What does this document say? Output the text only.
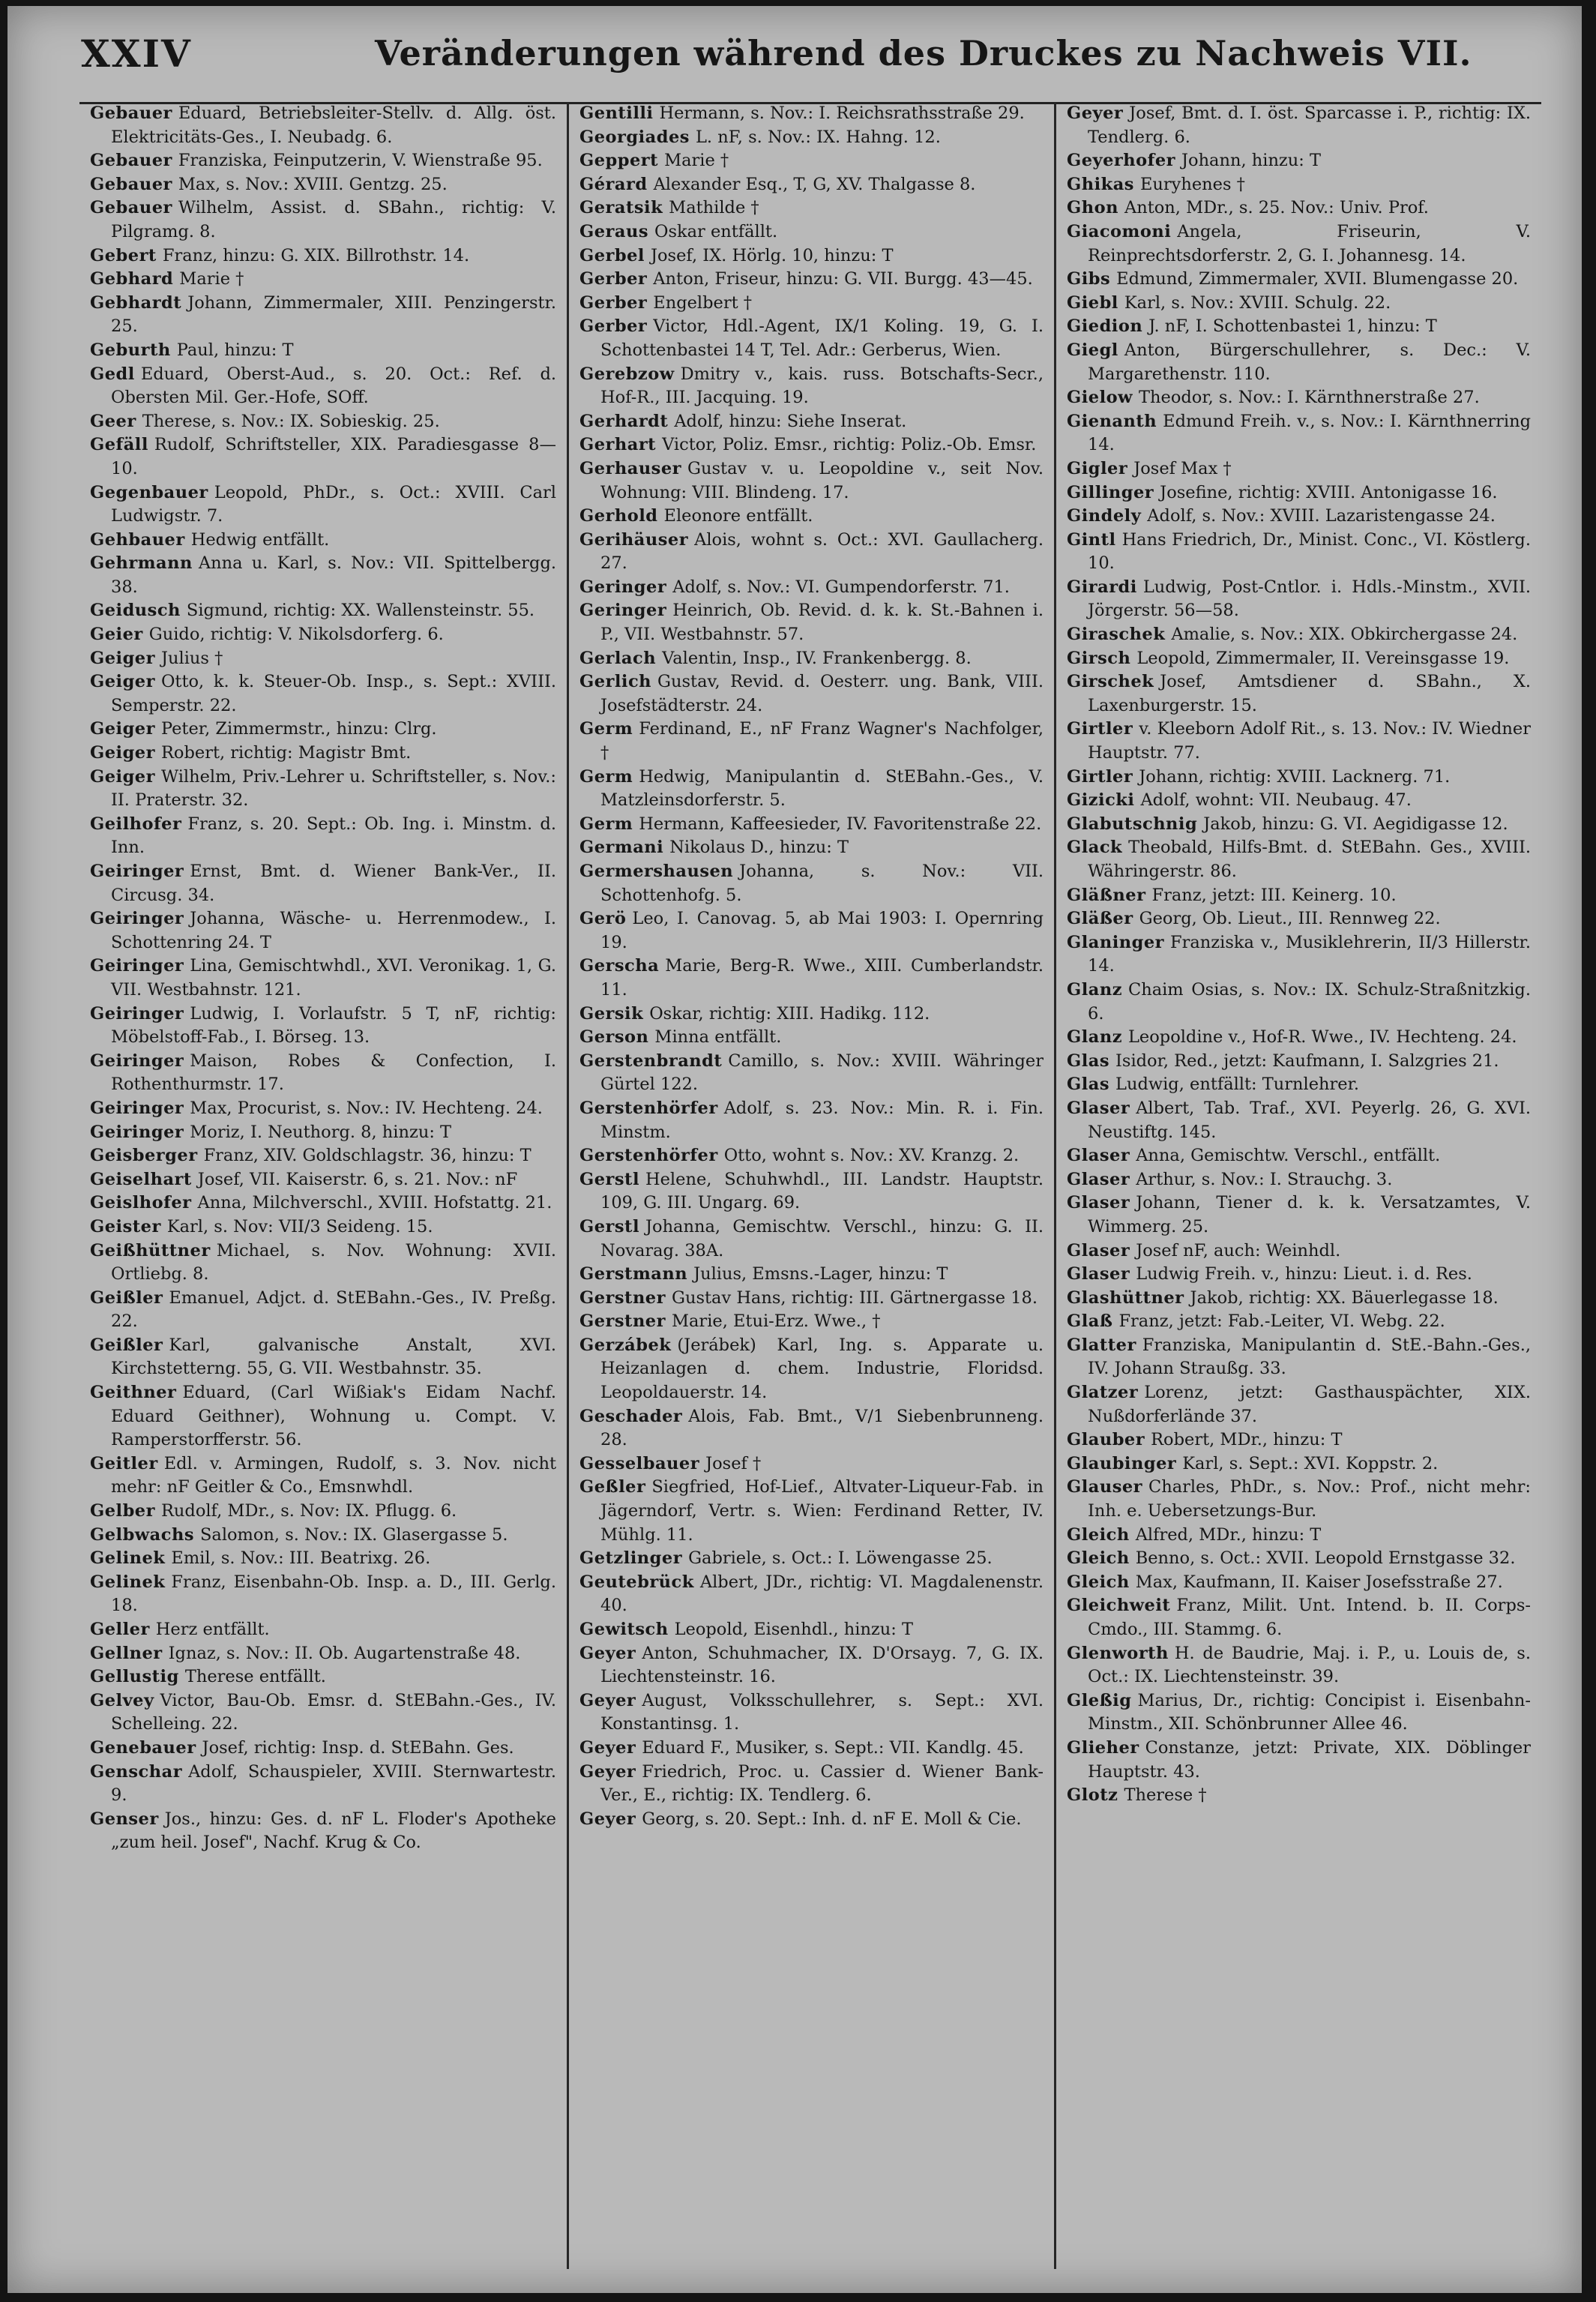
XXIV	Veränderungen während des Druckes zu Nachweis VII.

Gebauer Eduard, Betriebsleiter-Stellv. d. Allg. öst. Elektricitäts-Ges., I. Neubadg. 6.

Gebauer Franziska, Feinputzerin, V. Wienstraße 95.

Gebauer Max, s. Nov.: XVIII. Gentzg. 25.

Gebauer Wilhelm, Assist. d. SBahn., richtig: V. Pilgramg. 8.

Gebert Franz, hinzu: G. XIX. Billrothstr. 14.

Gebhard Marie †

Gebhardt Johann, Zimmermaler, XIII. Penzingerstr. 25.

Geburth Paul, hinzu: T

Gedl Eduard, Oberst-Aud., s. 20. Oct.: Ref. d. Obersten Mil. Ger.-Hofe, SOff.

Geer Therese, s. Nov.: IX. Sobieskig. 25.

Gefäll Rudolf, Schriftsteller, XIX. Paradiesgasse 8—10.

Gegenbauer Leopold, PhDr., s. Oct.: XVIII. Carl Ludwigstr. 7.

Gehbauer Hedwig entfällt.

Gehrmann Anna u. Karl, s. Nov.: VII. Spittelbergg. 38.

Geidusch Sigmund, richtig: XX. Wallensteinstr. 55.

Geier Guido, richtig: V. Nikolsdorferg. 6.

Geiger Julius †

Geiger Otto, k. k. Steuer-Ob. Insp., s. Sept.: XVIII. Semperstr. 22.

Geiger Peter, Zimmermstr., hinzu: Clrg.

Geiger Robert, richtig: Magistr Bmt.

Geiger Wilhelm, Priv.-Lehrer u. Schriftsteller, s. Nov.: II. Praterstr. 32.

Geilhofer Franz, s. 20. Sept.: Ob. Ing. i. Minstm. d. Inn.

Geiringer Ernst, Bmt. d. Wiener Bank-Ver., II. Circusg. 34.

Geiringer Johanna, Wäsche- u. Herrenmodew., I. Schottenring 24. T

Geiringer Lina, Gemischtwhdl., XVI. Veronikag. 1, G. VII. Westbahnstr. 121.

Geiringer Ludwig, I. Vorlaufstr. 5 T, nF, richtig: Möbelstoff-Fab., I. Börseg. 13.

Geiringer Maison, Robes & Confection, I. Rothenthurmstr. 17.

Geiringer Max, Procurist, s. Nov.: IV. Hechteng. 24.

Geiringer Moriz, I. Neuthorg. 8, hinzu: T

Geisberger Franz, XIV. Goldschlagstr. 36, hinzu: T

Geiselhart Josef, VII. Kaiserstr. 6, s. 21. Nov.: nF

Geislhofer Anna, Milchverschl., XVIII. Hofstattg. 21.

Geister Karl, s. Nov: VII/3 Seideng. 15.

Geißhüttner Michael, s. Nov. Wohnung: XVII. Ortliebg. 8.

Geißler Emanuel, Adjct. d. StEBahn.-Ges., IV. Preßg. 22.

Geißler Karl, galvanische Anstalt, XVI. Kirchstetterng. 55, G. VII. Westbahnstr. 35.

Geithner Eduard, (Carl Wißiak's Eidam Nachf. Eduard Geithner), Wohnung u. Compt. V. Ramperstorfferstr. 56.

Geitler Edl. v. Armingen, Rudolf, s. 3. Nov. nicht mehr: nF Geitler & Co., Emsnwhdl.

Gelber Rudolf, MDr., s. Nov: IX. Pflugg. 6.

Gelbwachs Salomon, s. Nov.: IX. Glasergasse 5.

Gelinek Emil, s. Nov.: III. Beatrixg. 26.

Gelinek Franz, Eisenbahn-Ob. Insp. a. D., III. Gerlg. 18.

Geller Herz entfällt.

Gellner Ignaz, s. Nov.: II. Ob. Augartenstraße 48.

Gellustig Therese entfällt.

Gelvey Victor, Bau-Ob. Emsr. d. StEBahn.-Ges., IV. Schelleing. 22.

Genebauer Josef, richtig: Insp. d. StEBahn. Ges.

Genschar Adolf, Schauspieler, XVIII. Sternwartestr. 9.

Genser Jos., hinzu: Ges. d. nF L. Floder's Apotheke „zum heil. Josef", Nachf. Krug & Co.

Gentilli Hermann, s. Nov.: I. Reichsrathsstraße 29.

Georgiades L. nF, s. Nov.: IX. Hahng. 12.

Geppert Marie †

Gérard Alexander Esq., T, G, XV. Thalgasse 8.

Geratsik Mathilde †

Geraus Oskar entfällt.

Gerbel Josef, IX. Hörlg. 10, hinzu: T

Gerber Anton, Friseur, hinzu: G. VII. Burgg. 43—45.

Gerber Engelbert †

Gerber Victor, Hdl.-Agent, IX/1 Koling. 19, G. I. Schottenbastei 14 T, Tel. Adr.: Gerberus, Wien.

Gerebzow Dmitry v., kais. russ. Botschafts-Secr., Hof-R., III. Jacquing. 19.

Gerhardt Adolf, hinzu: Siehe Inserat.

Gerhart Victor, Poliz. Emsr., richtig: Poliz.-Ob. Emsr.

Gerhauser Gustav v. u. Leopoldine v., seit Nov. Wohnung: VIII. Blindeng. 17.

Gerhold Eleonore entfällt.

Gerihäuser Alois, wohnt s. Oct.: XVI. Gaullacherg. 27.

Geringer Adolf, s. Nov.: VI. Gumpendorferstr. 71.

Geringer Heinrich, Ob. Revid. d. k. k. St.-Bahnen i. P., VII. Westbahnstr. 57.

Gerlach Valentin, Insp., IV. Frankenbergg. 8.

Gerlich Gustav, Revid. d. Oesterr. ung. Bank, VIII. Josefstädterstr. 24.

Germ Ferdinand, E., nF Franz Wagner's Nachfolger, †

Germ Hedwig, Manipulantin d. StEBahn.-Ges., V. Matzleinsdorferstr. 5.

Germ Hermann, Kaffeesieder, IV. Favoritenstraße 22.

Germani Nikolaus D., hinzu: T

Germershausen Johanna, s. Nov.: VII. Schottenhofg. 5.

Gerö Leo, I. Canovag. 5, ab Mai 1903: I. Opernring 19.

Gerscha Marie, Berg-R. Wwe., XIII. Cumberlandstr. 11.

Gersik Oskar, richtig: XIII. Hadikg. 112.

Gerson Minna entfällt.

Gerstenbrandt Camillo, s. Nov.: XVIII. Währinger Gürtel 122.

Gerstenhörfer Adolf, s. 23. Nov.: Min. R. i. Fin. Minstm.

Gerstenhörfer Otto, wohnt s. Nov.: XV. Kranzg. 2.

Gerstl Helene, Schuhwhdl., III. Landstr. Hauptstr. 109, G. III. Ungarg. 69.

Gerstl Johanna, Gemischtw. Verschl., hinzu: G. II. Novarag. 38A.

Gerstmann Julius, Emsns.-Lager, hinzu: T

Gerstner Gustav Hans, richtig: III. Gärtnergasse 18.

Gerstner Marie, Etui-Erz. Wwe., †

Gerzábek (Jerábek) Karl, Ing. s. Apparate u. Heizanlagen d. chem. Industrie, Floridsd. Leopoldauerstr. 14.

Geschader Alois, Fab. Bmt., V/1 Siebenbrunneng. 28.

Gesselbauer Josef †

Geßler Siegfried, Hof-Lief., Altvater-Liqueur-Fab. in Jägerndorf, Vertr. s. Wien: Ferdinand Retter, IV. Mühlg. 11.

Getzlinger Gabriele, s. Oct.: I. Löwengasse 25.

Geutebrück Albert, JDr., richtig: VI. Magdalenenstr. 40.

Gewitsch Leopold, Eisenhdl., hinzu: T

Geyer Anton, Schuhmacher, IX. D'Orsayg. 7, G. IX. Liechtensteinstr. 16.

Geyer August, Volksschullehrer, s. Sept.: XVI. Konstantinsg. 1.

Geyer Eduard F., Musiker, s. Sept.: VII. Kandlg. 45.

Geyer Friedrich, Proc. u. Cassier d. Wiener Bank-Ver., E., richtig: IX. Tendlerg. 6.

Geyer Georg, s. 20. Sept.: Inh. d. nF E. Moll & Cie.

Geyer Josef, Bmt. d. I. öst. Sparcasse i. P., richtig: IX. Tendlerg. 6.

Geyerhofer Johann, hinzu: T

Ghikas Euryhenes †

Ghon Anton, MDr., s. 25. Nov.: Univ. Prof.

Giacomoni Angela, Friseurin, V. Reinprechtsdorferstr. 2, G. I. Johannesg. 14.

Gibs Edmund, Zimmermaler, XVII. Blumengasse 20.

Giebl Karl, s. Nov.: XVIII. Schulg. 22.

Giedion J. nF, I. Schottenbastei 1, hinzu: T

Giegl Anton, Bürgerschullehrer, s. Dec.: V. Margarethenstr. 110.

Gielow Theodor, s. Nov.: I. Kärnthnerstraße 27.

Gienanth Edmund Freih. v., s. Nov.: I. Kärnthnerring 14.

Gigler Josef Max †

Gillinger Josefine, richtig: XVIII. Antonigasse 16.

Gindely Adolf, s. Nov.: XVIII. Lazaristengasse 24.

Gintl Hans Friedrich, Dr., Minist. Conc., VI. Köstlerg. 10.

Girardi Ludwig, Post-Cntlor. i. Hdls.-Minstm., XVII. Jörgerstr. 56—58.

Giraschek Amalie, s. Nov.: XIX. Obkirchergasse 24.

Girsch Leopold, Zimmermaler, II. Vereinsgasse 19.

Girschek Josef, Amtsdiener d. SBahn., X. Laxenburgerstr. 15.

Girtler v. Kleeborn Adolf Rit., s. 13. Nov.: IV. Wiedner Hauptstr. 77.

Girtler Johann, richtig: XVIII. Lacknerg. 71.

Gizicki Adolf, wohnt: VII. Neubaug. 47.

Glabutschnig Jakob, hinzu: G. VI. Aegidigasse 12.

Glack Theobald, Hilfs-Bmt. d. StEBahn. Ges., XVIII. Währingerstr. 86.

Gläßner Franz, jetzt: III. Keinerg. 10.

Gläßer Georg, Ob. Lieut., III. Rennweg 22.

Glaninger Franziska v., Musiklehrerin, II/3 Hillerstr. 14.

Glanz Chaim Osias, s. Nov.: IX. Schulz-Straßnitzkig. 6.

Glanz Leopoldine v., Hof-R. Wwe., IV. Hechteng. 24.

Glas Isidor, Red., jetzt: Kaufmann, I. Salzgries 21.

Glas Ludwig, entfällt: Turnlehrer.

Glaser Albert, Tab. Traf., XVI. Peyerlg. 26, G. XVI. Neustiftg. 145.

Glaser Anna, Gemischtw. Verschl., entfällt.

Glaser Arthur, s. Nov.: I. Strauchg. 3.

Glaser Johann, Tiener d. k. k. Versatzamtes, V. Wimmerg. 25.

Glaser Josef nF, auch: Weinhdl.

Glaser Ludwig Freih. v., hinzu: Lieut. i. d. Res.

Glashüttner Jakob, richtig: XX. Bäuerlegasse 18.

Glaß Franz, jetzt: Fab.-Leiter, VI. Webg. 22.

Glatter Franziska, Manipulantin d. StE.-Bahn.-Ges., IV. Johann Straußg. 33.

Glatzer Lorenz, jetzt: Gasthauspächter, XIX. Nußdorferlände 37.

Glauber Robert, MDr., hinzu: T

Glaubinger Karl, s. Sept.: XVI. Koppstr. 2.

Glauser Charles, PhDr., s. Nov.: Prof., nicht mehr: Inh. e. Uebersetzungs-Bur.

Gleich Alfred, MDr., hinzu: T

Gleich Benno, s. Oct.: XVII. Leopold Ernstgasse 32.

Gleich Max, Kaufmann, II. Kaiser Josefsstraße 27.

Gleichweit Franz, Milit. Unt. Intend. b. II. Corps-Cmdo., III. Stammg. 6.

Glenworth H. de Baudrie, Maj. i. P., u. Louis de, s. Oct.: IX. Liechtensteinstr. 39.

Gleßig Marius, Dr., richtig: Concipist i. Eisenbahn-Minstm., XII. Schönbrunner Allee 46.

Glieher Constanze, jetzt: Private, XIX. Döblinger Hauptstr. 43.

Glotz Therese †
